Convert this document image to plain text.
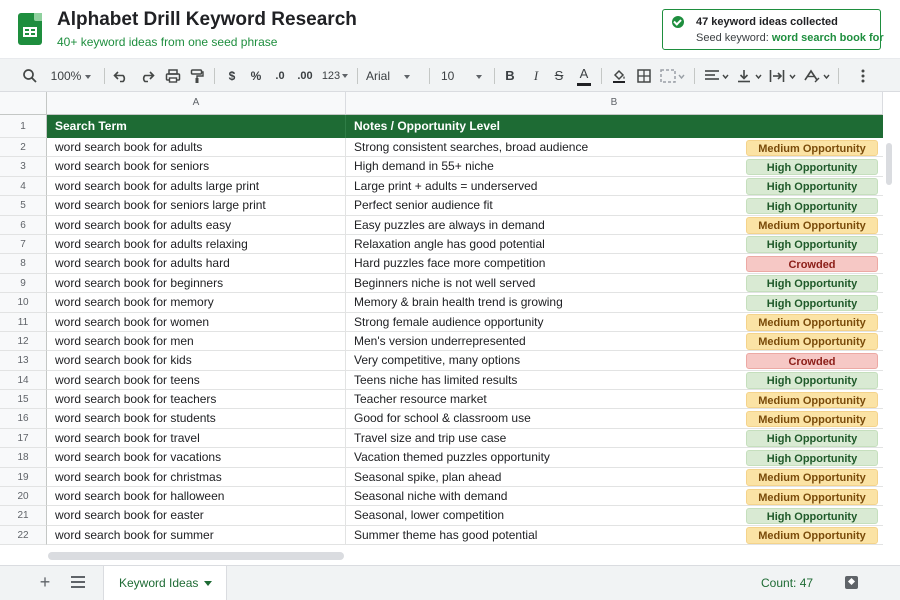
Alphabet Drill Keyword Research
40+ keyword ideas from one seed phrase
47 keyword ideas collected
Seed keyword: word search book for
100%	$	%	.0	.00 123	Arial	10	B	I	S A
A	B
1
2
3
4
5
6
7
8
9
10
11
12
13
14
15
16
17
18
19
20
21
22
Search Term	Notes / Opportunity Level
word search book for adults	Strong consistent searches, broad audience	Medium Opportunity
word search book for seniors	High demand in 55+ niche	High Opportunity
word search book for adults large print	Large print + adults = underserved	High Opportunity
word search book for seniors large print	Perfect senior audience fit	High Opportunity
word search book for adults easy	Easy puzzles are always in demand	Medium Opportunity
word search book for adults relaxing	Relaxation angle has good potential	High Opportunity
word search book for adults hard	Hard puzzles face more competition	Crowded
word search book for beginners	Beginners niche is not well served	High Opportunity
word search book for memory	Memory & brain health trend is growing	High Opportunity
word search book for women	Strong female audience opportunity	Medium Opportunity
word search book for men	Men's version underrepresented	Medium Opportunity
word search book for kids	Very competitive, many options	Crowded
word search book for teens	Teens niche has limited results	High Opportunity
word search book for teachers	Teacher resource market	Medium Opportunity
word search book for students	Good for school & classroom use	Medium Opportunity
word search book for travel	Travel size and trip use case	High Opportunity
word search book for vacations	Vacation themed puzzles opportunity	High Opportunity
word search book for christmas	Seasonal spike, plan ahead	Medium Opportunity
word search book for halloween	Seasonal niche with demand	Medium Opportunity
word search book for easter	Seasonal, lower competition	High Opportunity
word search book for summer	Summer theme has good potential	Medium Opportunity
+	Keyword Ideas	Count: 47
